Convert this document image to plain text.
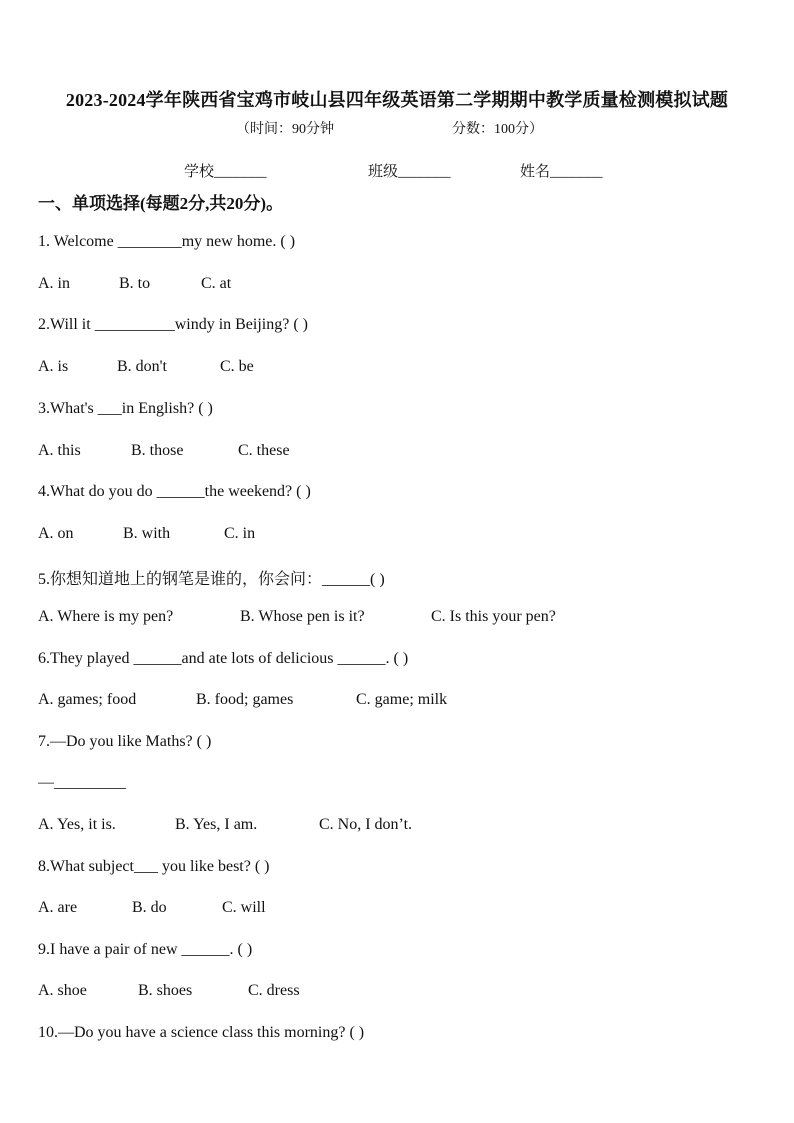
2023-2024学年陕西省宝鸡市岐山县四年级英语第二学期期中教学质量检测模拟试题
（时间：90分钟	分数：100分）
学校_______	班级_______	姓名_______
一、单项选择(每题2分,共20分)。
1. Welcome ________my new home. ( )
A. in	B. to	C. at
2.Will it __________windy in Beijing? ( )
A. is	B. don't	C. be
3.What's ___in English? ( )
A. this	B. those	C. these
4.What do you do ______the weekend? ( )
A. on	B. with	C. in
5.你想知道地上的钢笔是谁的，你会问：______( )
A. Where is my pen?	B. Whose pen is it?	C. Is this your pen?
6.They played ______and ate lots of delicious ______. ( )
A. games; food	B. food; games	C. game; milk
7.—Do you like Maths? ( )
—_________
A. Yes, it is.	B. Yes, I am.	C. No, I don’t.
8.What subject___ you like best? ( )
A. are	B. do	C. will
9.I have a pair of new ______. ( )
A. shoe	B. shoes	C. dress
10.—Do you have a science class this morning? ( )
